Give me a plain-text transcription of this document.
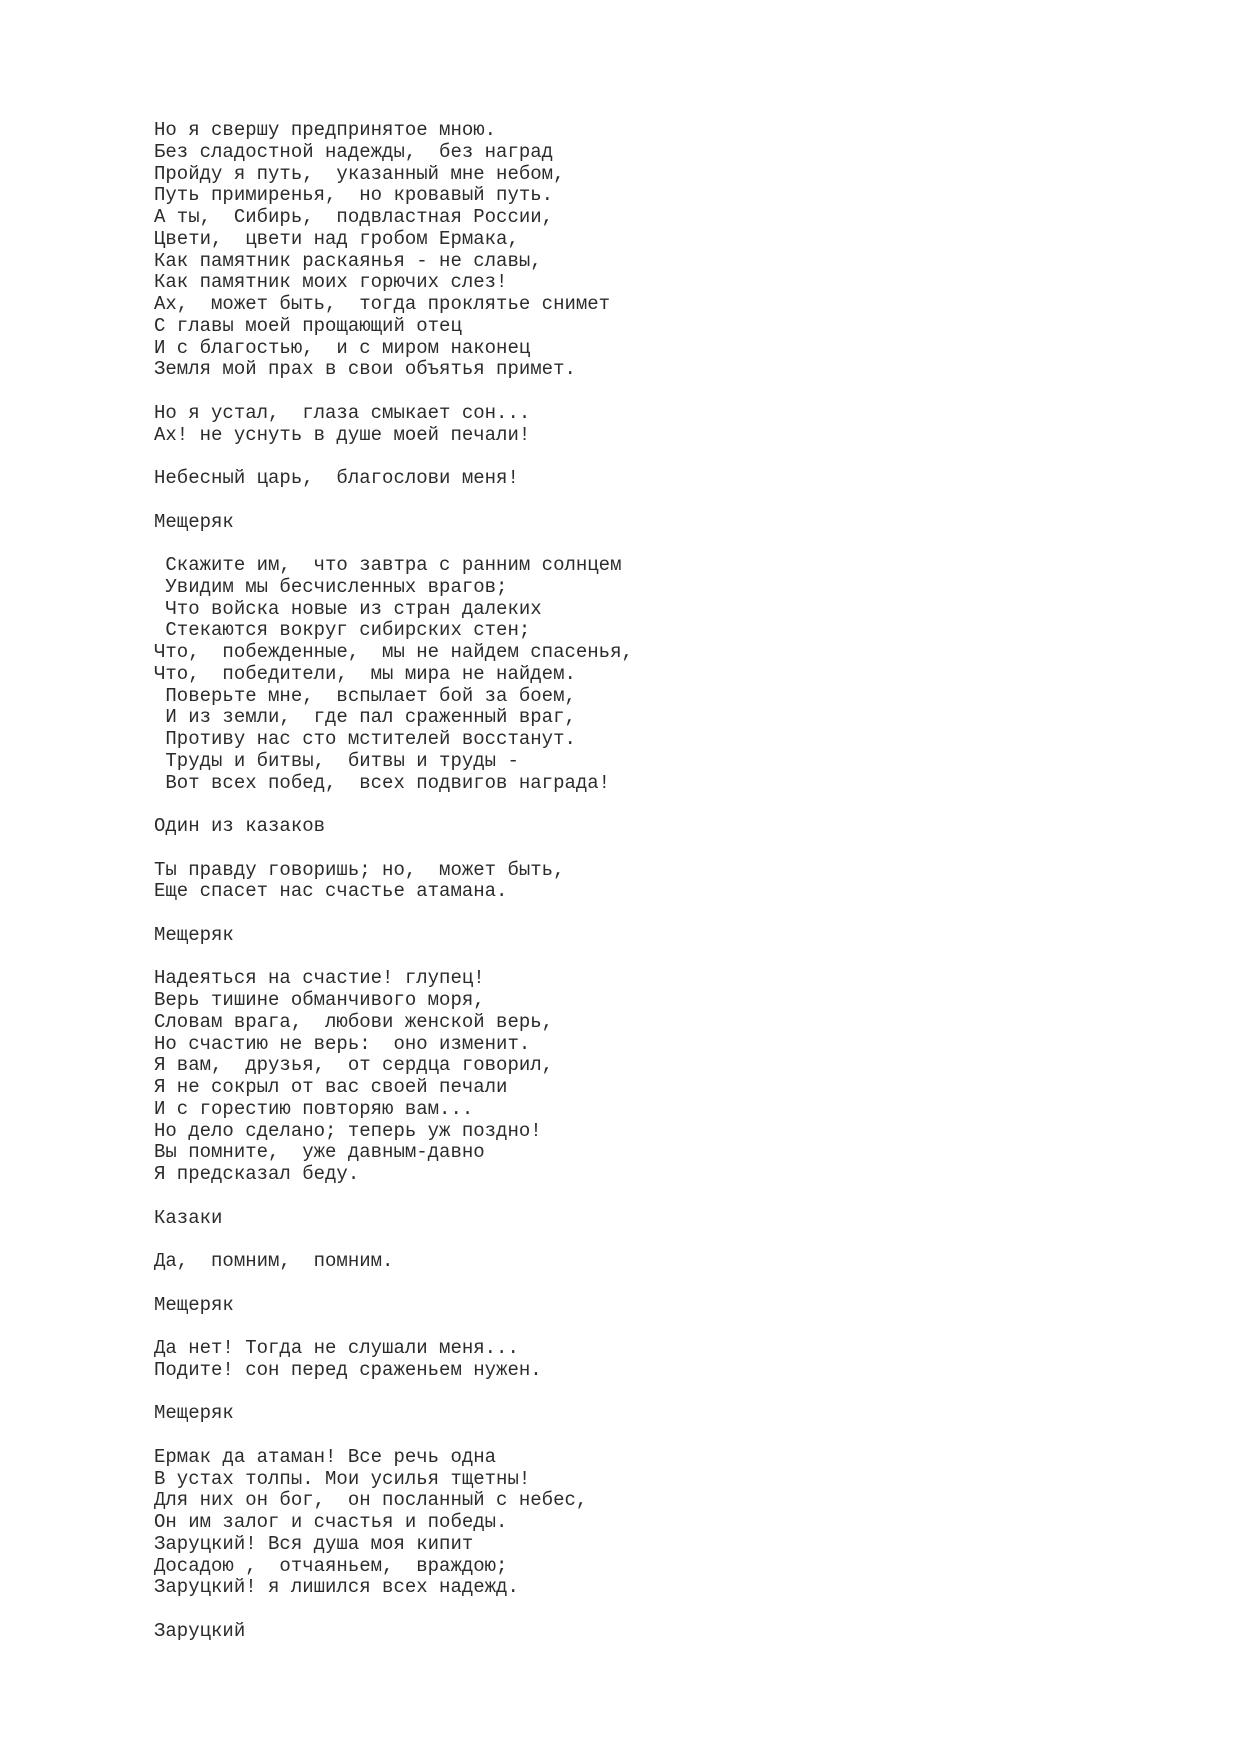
Но я свершу предпринятое мною.
Без сладостной надежды,  без наград
Пройду я путь,  указанный мне небом,
Путь примиренья,  но кровавый путь.
А ты,  Сибирь,  подвластная России,
Цвети,  цвети над гробом Ермака,
Как памятник раскаянья - не славы,
Как памятник моих горючих слез!
Ах,  может быть,  тогда проклятье снимет
С главы моей прощающий отец
И с благостью,  и с миром наконец
Земля мой прах в свои объятья примет.
Но я устал,  глаза смыкает сон...
Ах! не уснуть в душе моей печали!
Небесный царь,  благослови меня!
Мещеряк
Скажите им,  что завтра с ранним солнцем
Увидим мы бесчисленных врагов;
Что войска новые из стран далеких
Стекаются вокруг сибирских стен;
Что,  побежденные,  мы не найдем спасенья,
Что,  победители,  мы мира не найдем.
Поверьте мне,  вспылает бой за боем,
И из земли,  где пал сраженный враг,
Противу нас сто мстителей восстанут.
Труды и битвы,  битвы и труды -
Вот всех побед,  всех подвигов награда!
Один из казаков
Ты правду говоришь; но,  может быть,
Еще спасет нас счастье атамана.
Мещеряк
Надеяться на счастие! глупец!
Верь тишине обманчивого моря,
Словам врага,  любови женской верь,
Но счастию не верь:  оно изменит.
Я вам,  друзья,  от сердца говорил,
Я не сокрыл от вас своей печали
И с горестию повторяю вам...
Но дело сделано; теперь уж поздно!
Вы помните,  уже давным-давно
Я предсказал беду.
Казаки
Да,  помним,  помним.
Мещеряк
Да нет! Тогда не слушали меня...
Подите! сон перед сраженьем нужен.
Мещеряк
Ермак да атаман! Все речь одна
В устах толпы. Мои усилья тщетны!
Для них он бог,  он посланный с небес,
Он им залог и счастья и победы.
Заруцкий! Вся душа моя кипит
Досадою ,  отчаяньем,  враждою;
Заруцкий! я лишился всех надежд.
Заруцкий
